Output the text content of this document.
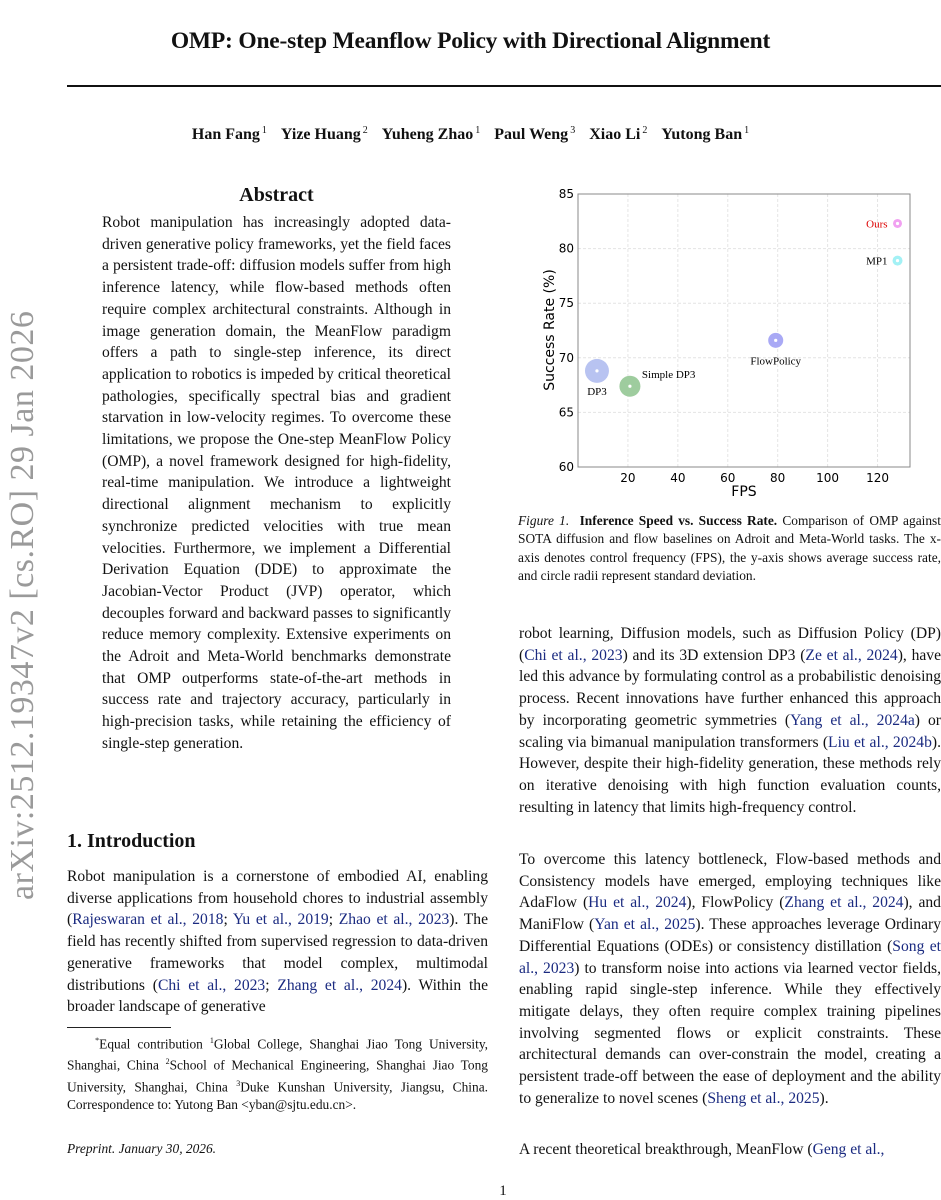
arXiv:2512.19347v2 [cs.RO] 29 Jan 2026
OMP: One-step Meanflow Policy with Directional Alignment
Han Fang $^1$ Yize Huang $^2$ Yuheng Zhao $^1$ Paul Weng $^3$ Xiao Li $^2$ Yutong Ban $^1$
Abstract
Robot manipulation has increasingly adopted data-driven generative policy frameworks, yet the field faces a persistent trade-off: diffusion models suffer from high inference latency, while flow-based methods often require complex architectural constraints. Although in image generation domain, the MeanFlow paradigm offers a path to single-step inference, its direct application to robotics is impeded by critical theoretical pathologies, specifically spectral bias and gradient starvation in low-velocity regimes. To overcome these limitations, we propose the One-step MeanFlow Policy (OMP), a novel framework designed for high-fidelity, real-time manipulation. We introduce a lightweight directional alignment mechanism to explicitly synchronize predicted velocities with true mean velocities. Furthermore, we implement a Differential Derivation Equation (DDE) to approximate the Jacobian-Vector Product (JVP) operator, which decouples forward and backward passes to significantly reduce memory complexity. Extensive experiments on the Adroit and Meta-World benchmarks demonstrate that OMP outperforms state-of-the-art methods in success rate and trajectory accuracy, particularly in high-precision tasks, while retaining the efficiency of single-step generation.
1. Introduction
Robot manipulation is a cornerstone of embodied AI, enabling diverse applications from household chores to industrial assembly (Rajeswaran et al., 2018; Yu et al., 2019; Zhao et al., 2023). The field has recently shifted from supervised regression to data-driven generative frameworks that model complex, multimodal distributions (Chi et al., 2023; Zhang et al., 2024). Within the broader landscape of generative
*Equal contribution $^1$Global College, Shanghai Jiao Tong University, Shanghai, China $^2$School of Mechanical Engineering, Shanghai Jiao Tong University, Shanghai, China $^3$Duke Kunshan University, Jiangsu, China. Correspondence to: Yutong Ban <yban@sjtu.edu.cn>.
Preprint. January 30, 2026.
20	40	60	80	100 120
60
65
70
75
80
85
FPS
Success Rate (%)
DP3
Simple DP3
FlowPolicy
MP1
Ours
Figure 1. Inference Speed vs. Success Rate. Comparison of OMP against SOTA diffusion and flow baselines on Adroit and Meta-World tasks. The x-axis denotes control frequency (FPS), the y-axis shows average success rate, and circle radii represent standard deviation.
robot learning, Diffusion models, such as Diffusion Policy (DP) (Chi et al., 2023) and its 3D extension DP3 (Ze et al., 2024), have led this advance by formulating control as a probabilistic denoising process. Recent innovations have further enhanced this approach by incorporating geometric symmetries (Yang et al., 2024a) or scaling via bimanual manipulation transformers (Liu et al., 2024b). However, despite their high-fidelity generation, these methods rely on iterative denoising with high function evaluation counts, resulting in latency that limits high-frequency control.
To overcome this latency bottleneck, Flow-based methods and Consistency models have emerged, employing techniques like AdaFlow (Hu et al., 2024), FlowPolicy (Zhang et al., 2024), and ManiFlow (Yan et al., 2025). These approaches leverage Ordinary Differential Equations (ODEs) or consistency distillation (Song et al., 2023) to transform noise into actions via learned vector fields, enabling rapid single-step inference. While they effectively mitigate delays, they often require complex training pipelines involving segmented flows or explicit constraints. These architectural demands can over-constrain the model, creating a persistent trade-off between the ease of deployment and the ability to generalize to novel scenes (Sheng et al., 2025).
A recent theoretical breakthrough, MeanFlow (Geng et al.,
1
